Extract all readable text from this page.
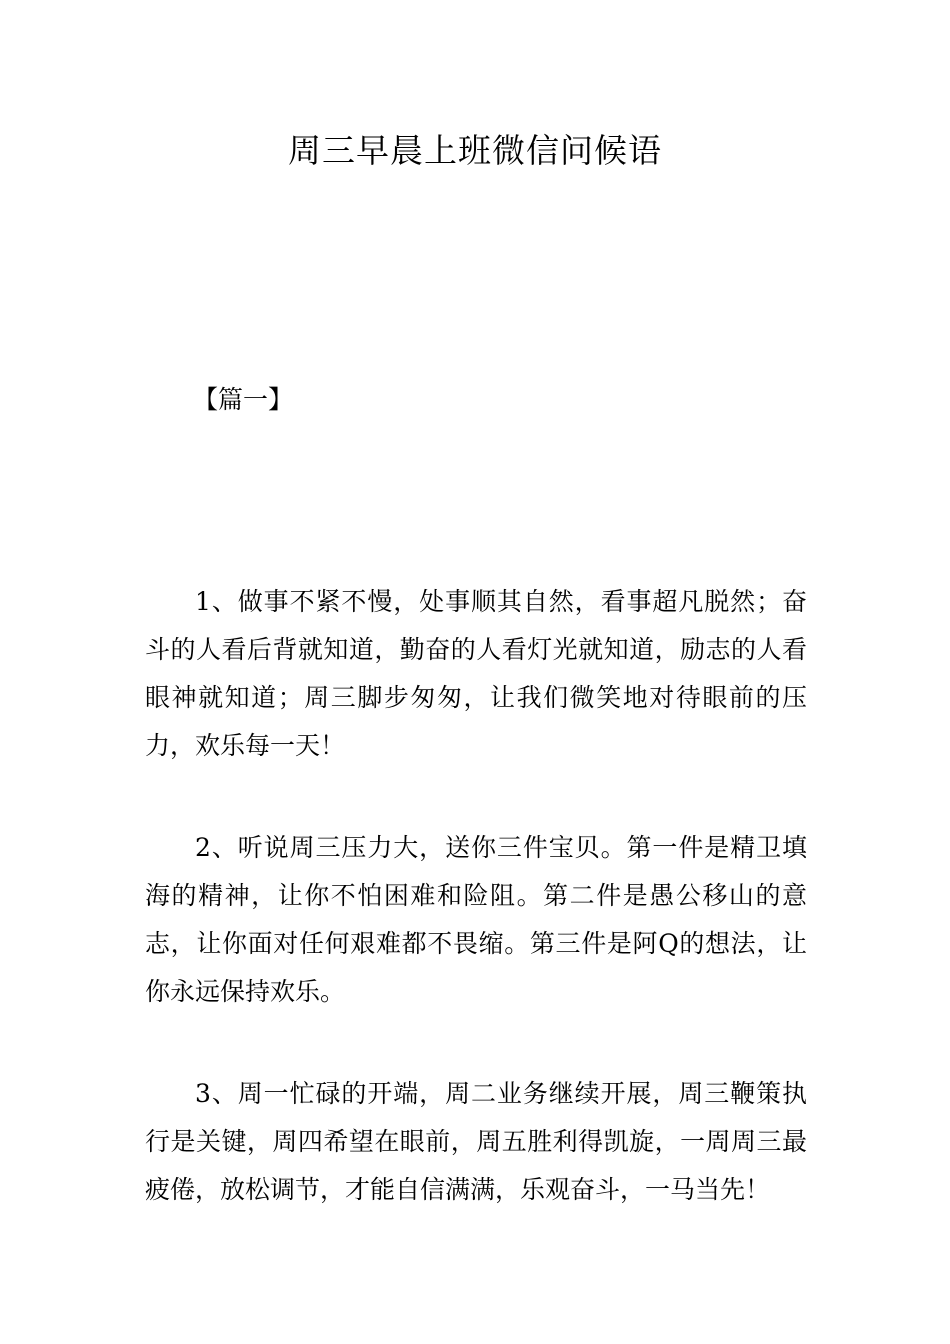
周三早晨上班微信问候语
【篇一】

1、做事不紧不慢，处事顺其自然，看事超凡脱然；奋斗的人看后背就知道，勤奋的人看灯光就知道，励志的人看眼神就知道；周三脚步匆匆，让我们微笑地对待眼前的压力，欢乐每一天！

2、听说周三压力大，送你三件宝贝。第一件是精卫填海的精神，让你不怕困难和险阻。第二件是愚公移山的意志，让你面对任何艰难都不畏缩。第三件是阿Q的想法，让你永远保持欢乐。

3、周一忙碌的开端，周二业务继续开展，周三鞭策执行是关键，周四希望在眼前，周五胜利得凯旋，一周周三最疲倦，放松调节，才能自信满满，乐观奋斗，一马当先！
